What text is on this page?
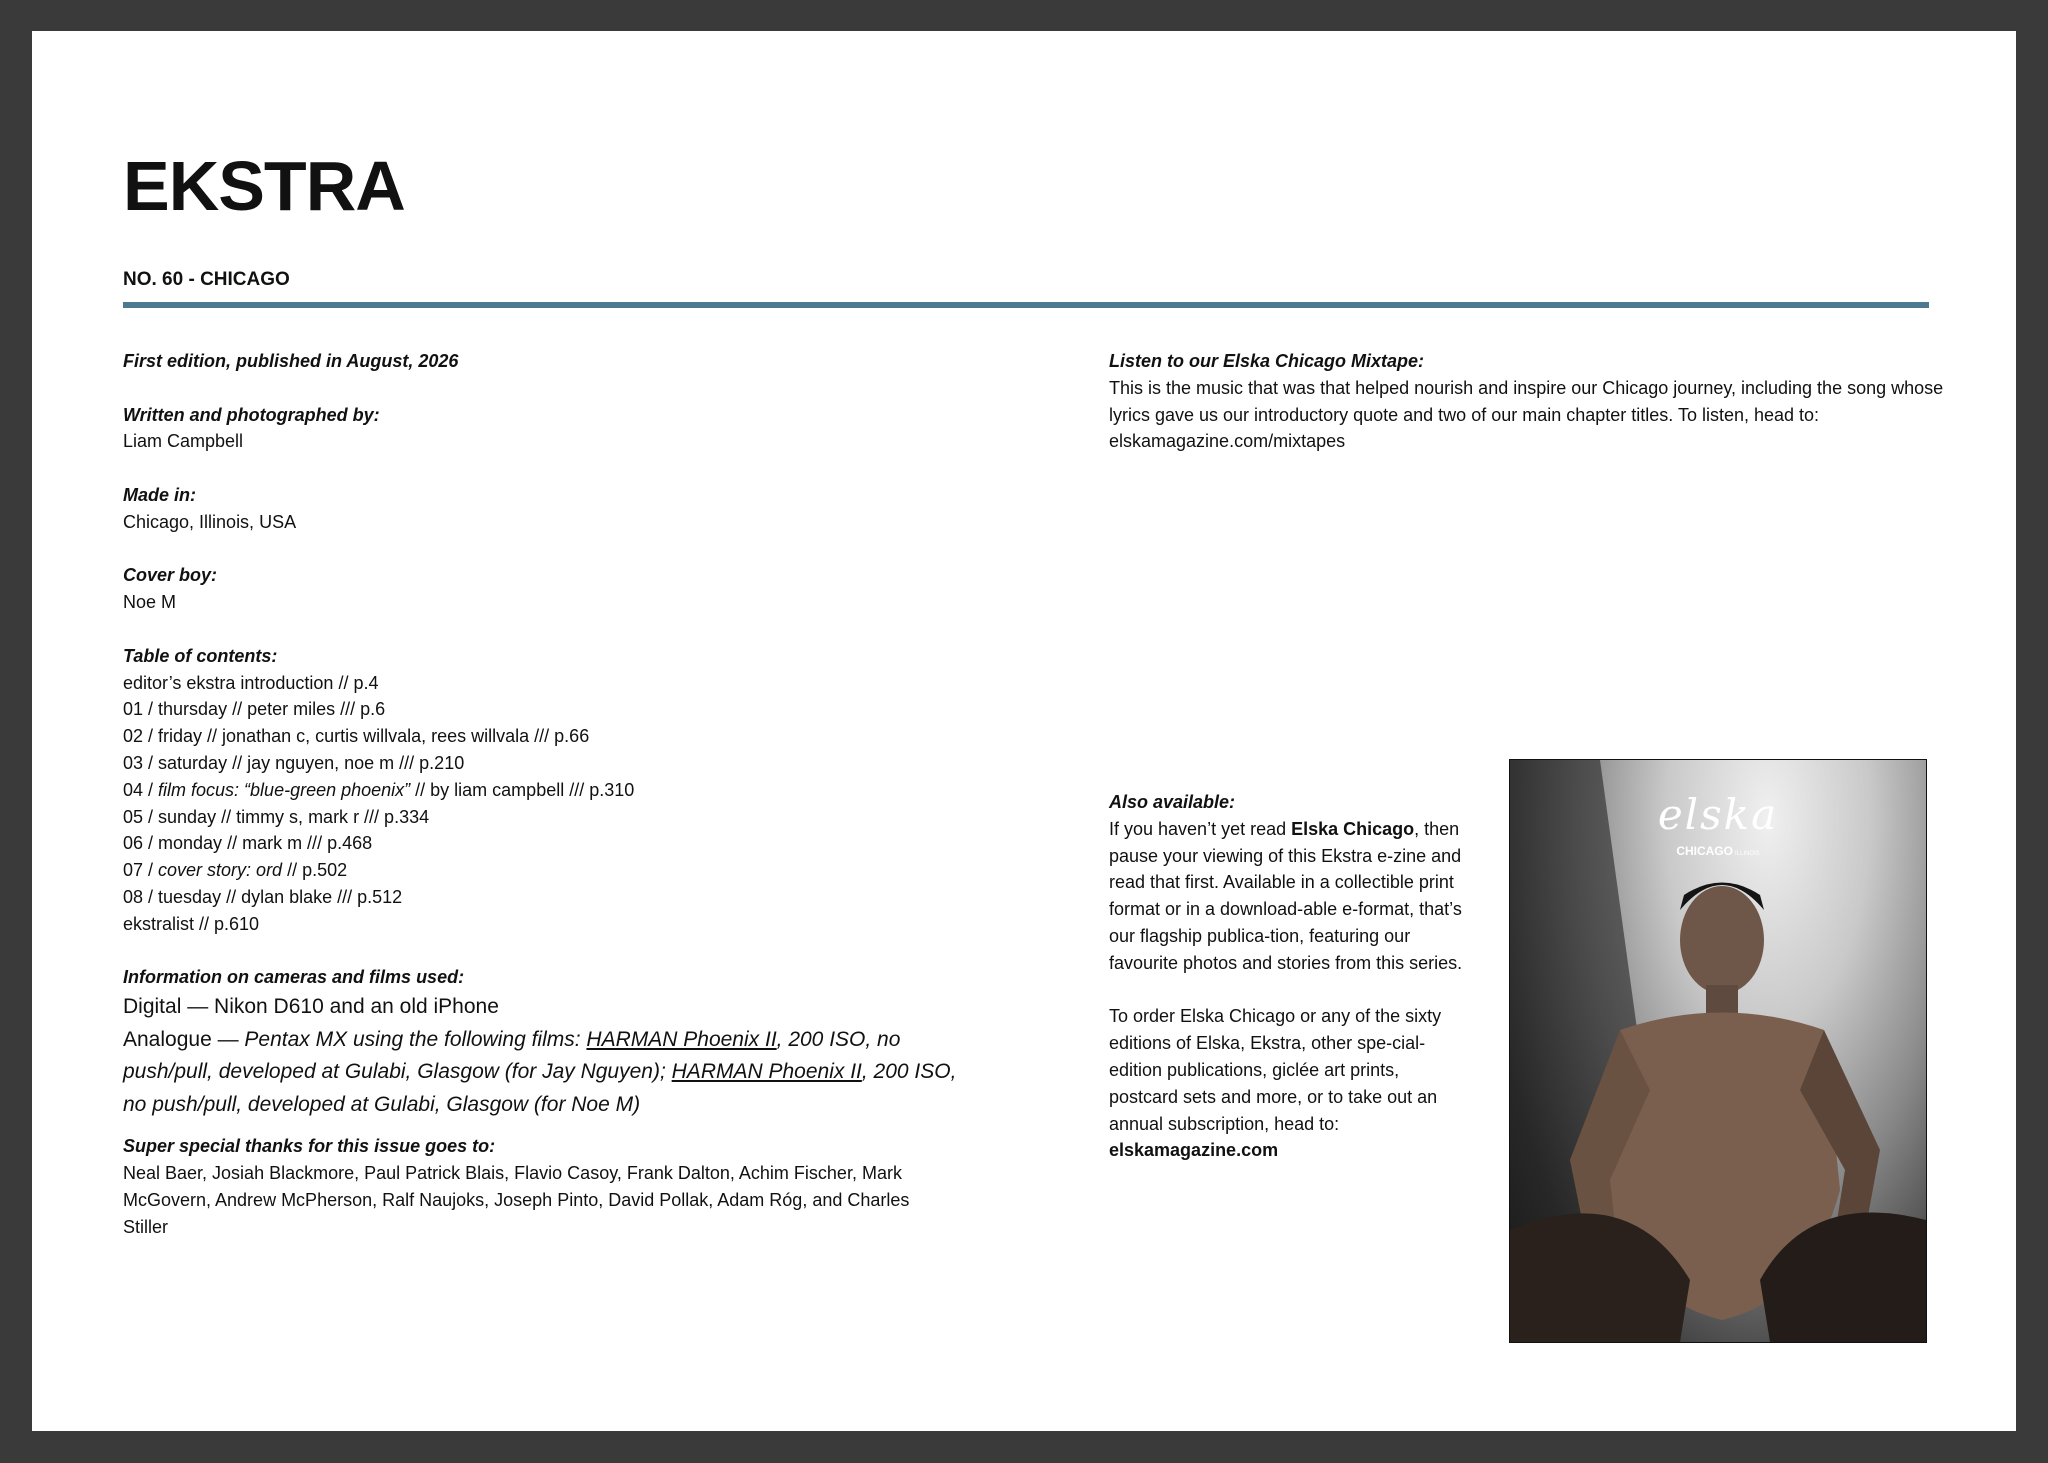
EKSTRA
NO. 60 - CHICAGO

First edition, published in August, 2026

Written and photographed by:

Liam Campbell

Made in:

Chicago, Illinois, USA

Cover boy:

Noe M

Table of contents:

editor’s ekstra introduction // p.4

01 / thursday // peter miles /// p.6

02 / friday // jonathan c, curtis willvala, rees willvala /// p.66

03 / saturday // jay nguyen, noe m /// p.210

04 / film focus: “blue-green phoenix” // by liam campbell /// p.310

05 / sunday // timmy s, mark r /// p.334

06 / monday // mark m /// p.468

07 / cover story: ord // p.502

08 / tuesday // dylan blake /// p.512

ekstralist // p.610

Information on cameras and films used:

Digital — Nikon D610 and an old iPhone

Analogue — Pentax MX using the following films: HARMAN Phoenix II, 200 ISO, no push/pull, developed at Gulabi, Glasgow (for Jay Nguyen); HARMAN Phoenix II, 200 ISO, no push/pull, developed at Gulabi, Glasgow (for Noe M)

Super special thanks for this issue goes to:

Neal Baer, Josiah Blackmore, Paul Patrick Blais, Flavio Casoy, Frank Dalton, Achim Fischer, Mark McGovern, Andrew McPherson, Ralf Naujoks, Joseph Pinto, David Pollak, Adam Róg, and Charles Stiller

Listen to our Elska Chicago Mixtape:

This is the music that was that helped nourish and inspire our Chicago journey, including the song whose lyrics gave us our introductory quote and two of our main chapter titles. To listen, head to: elskamagazine.com/mixtapes

Also available:

If you haven’t yet read Elska Chicago, then pause your viewing of this Ekstra e-zine and read that first. Available in a collectible print format or in a download-able e-format, that’s our flagship publica-tion, featuring our favourite photos and stories from this series.

To order Elska Chicago or any of the sixty editions of Elska, Ekstra, other spe-cial-edition publications, giclée art prints, postcard sets and more, or to take out an annual subscription, head to:

elskamagazine.com

elska
CHICAGO ILLINOIS
